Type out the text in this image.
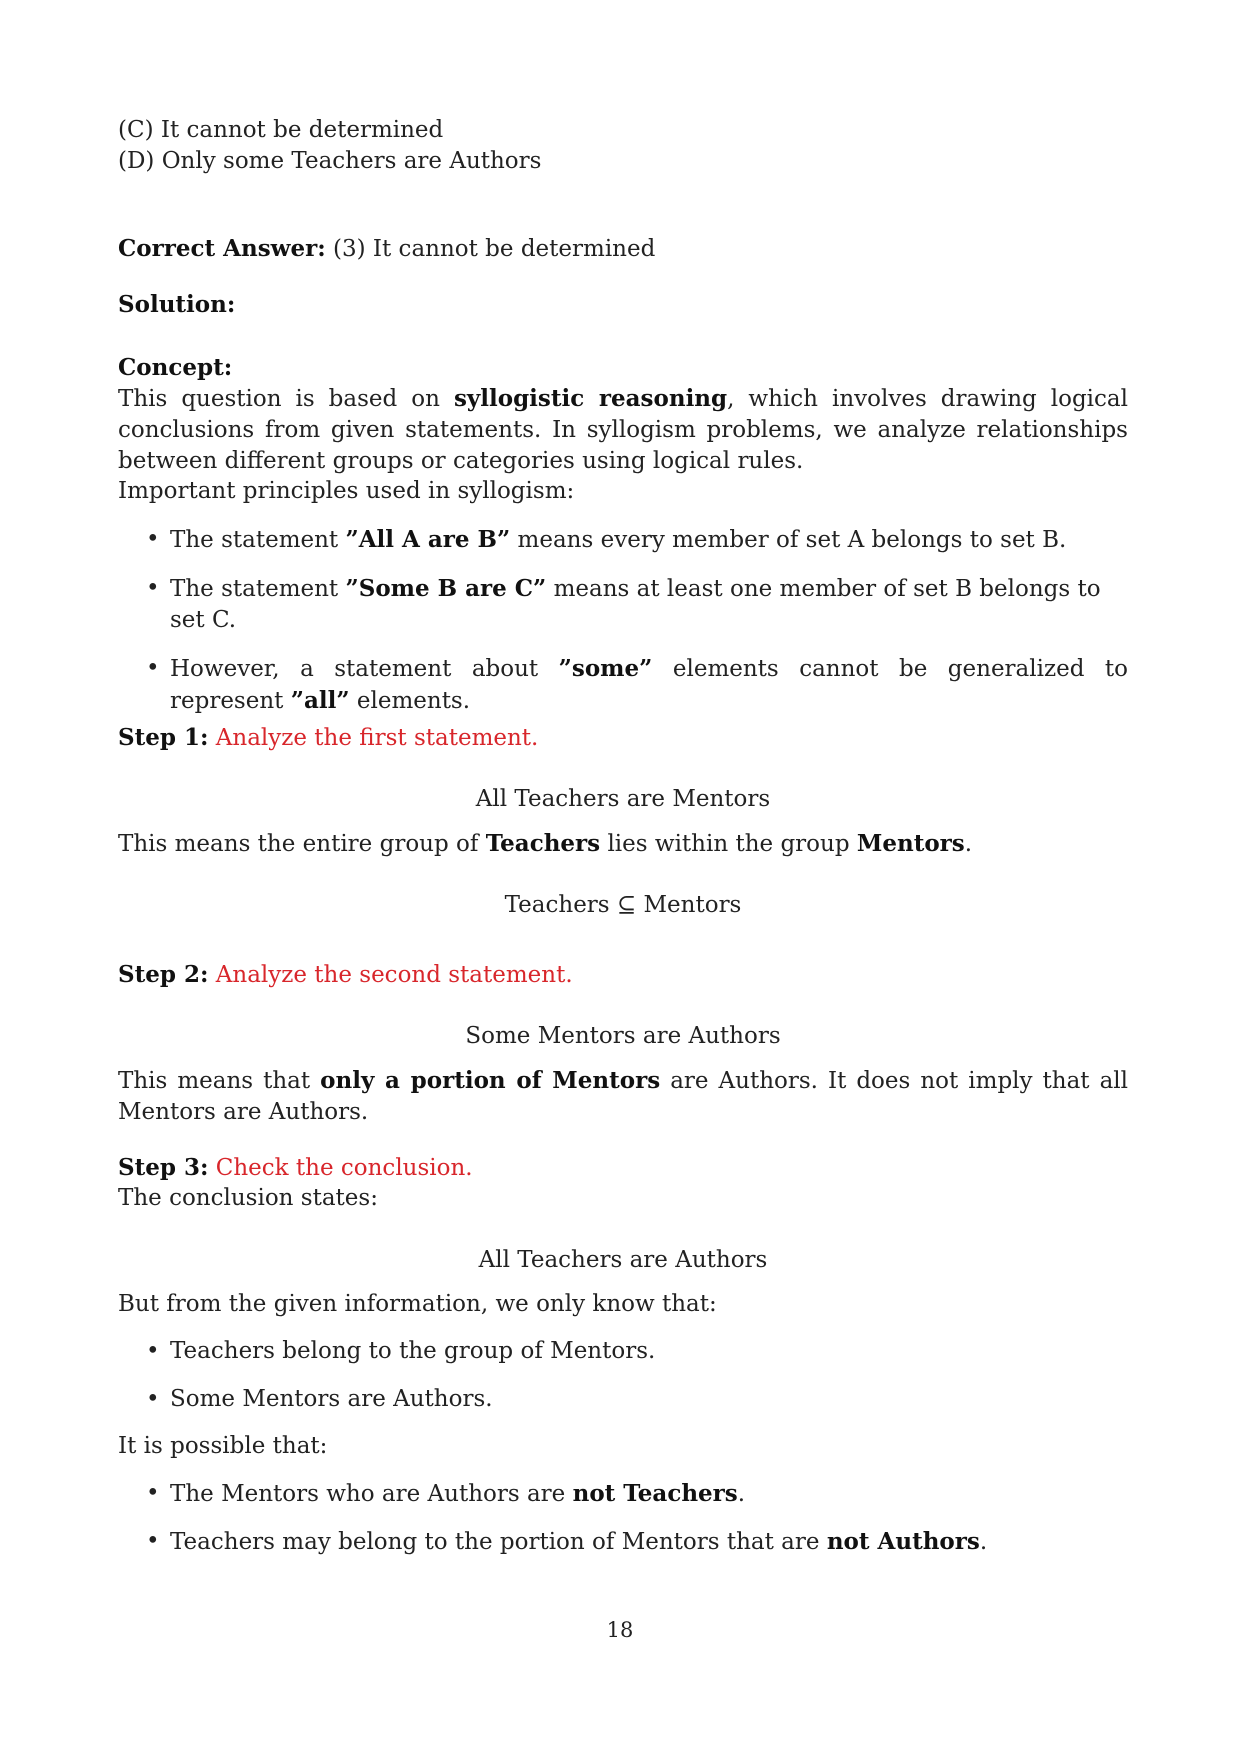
(C) It cannot be determined
(D) Only some Teachers are Authors
Correct Answer: (3) It cannot be determined
Solution:
Concept:
This question is based on syllogistic reasoning, which involves drawing logical conclusions from given statements. In syllogism problems, we analyze relationships between different groups or categories using logical rules.
Important principles used in syllogism:
• The statement ”All A are B” means every member of set A belongs to set B.
• The statement ”Some B are C” means at least one member of set B belongs to set C.
• However, a statement about ”some” elements cannot be generalized to represent ”all” elements.
Step 1: Analyze the first statement.
All Teachers are Mentors
This means the entire group of Teachers lies within the group Mentors.
Teachers ⊆ Mentors
Step 2: Analyze the second statement.
Some Mentors are Authors
This means that only a portion of Mentors are Authors. It does not imply that all Mentors are Authors.
Step 3: Check the conclusion.
The conclusion states:
All Teachers are Authors
But from the given information, we only know that:
• Teachers belong to the group of Mentors.
• Some Mentors are Authors.
It is possible that:
• The Mentors who are Authors are not Teachers.
• Teachers may belong to the portion of Mentors that are not Authors.
18
